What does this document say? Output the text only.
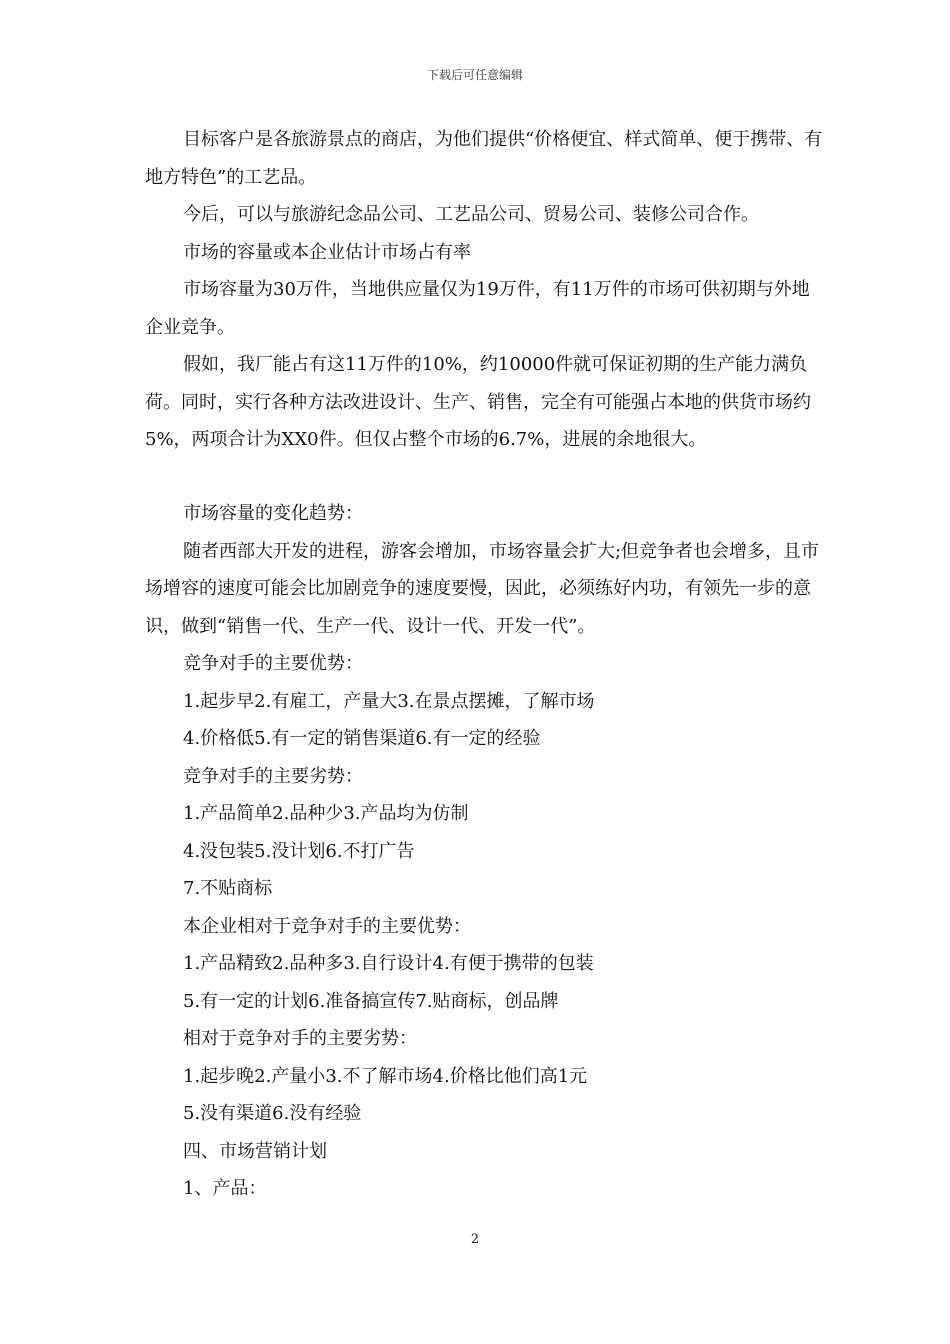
下载后可任意编辑

目标客户是各旅游景点的商店，为他们提供“价格便宜、样式简单、便于携带、有地方特色”的工艺品。

今后，可以与旅游纪念品公司、工艺品公司、贸易公司、装修公司合作。

市场的容量或本企业估计市场占有率

市场容量为30万件，当地供应量仅为19万件，有11万件的市场可供初期与外地企业竞争。

假如，我厂能占有这11万件的10%，约10000件就可保证初期的生产能力满负荷。同时，实行各种方法改进设计、生产、销售，完全有可能强占本地的供货市场约5%，两项合计为XX0件。但仅占整个市场的6.7%，进展的余地很大。

市场容量的变化趋势：

随者西部大开发的进程，游客会增加，市场容量会扩大;但竞争者也会增多，且市场增容的速度可能会比加剧竞争的速度要慢，因此，必须练好内功，有领先一步的意识，做到“销售一代、生产一代、设计一代、开发一代”。

竞争对手的主要优势：

1.起步早2.有雇工，产量大3.在景点摆摊，了解市场

4.价格低5.有一定的销售渠道6.有一定的经验

竞争对手的主要劣势：

1.产品简单2.品种少3.产品均为仿制

4.没包装5.没计划6.不打广告

7.不贴商标

本企业相对于竞争对手的主要优势：

1.产品精致2.品种多3.自行设计4.有便于携带的包装

5.有一定的计划6.准备搞宣传7.贴商标，创品牌

相对于竞争对手的主要劣势：

1.起步晚2.产量小3.不了解市场4.价格比他们高1元

5.没有渠道6.没有经验

四、市场营销计划

1、产品：

2
